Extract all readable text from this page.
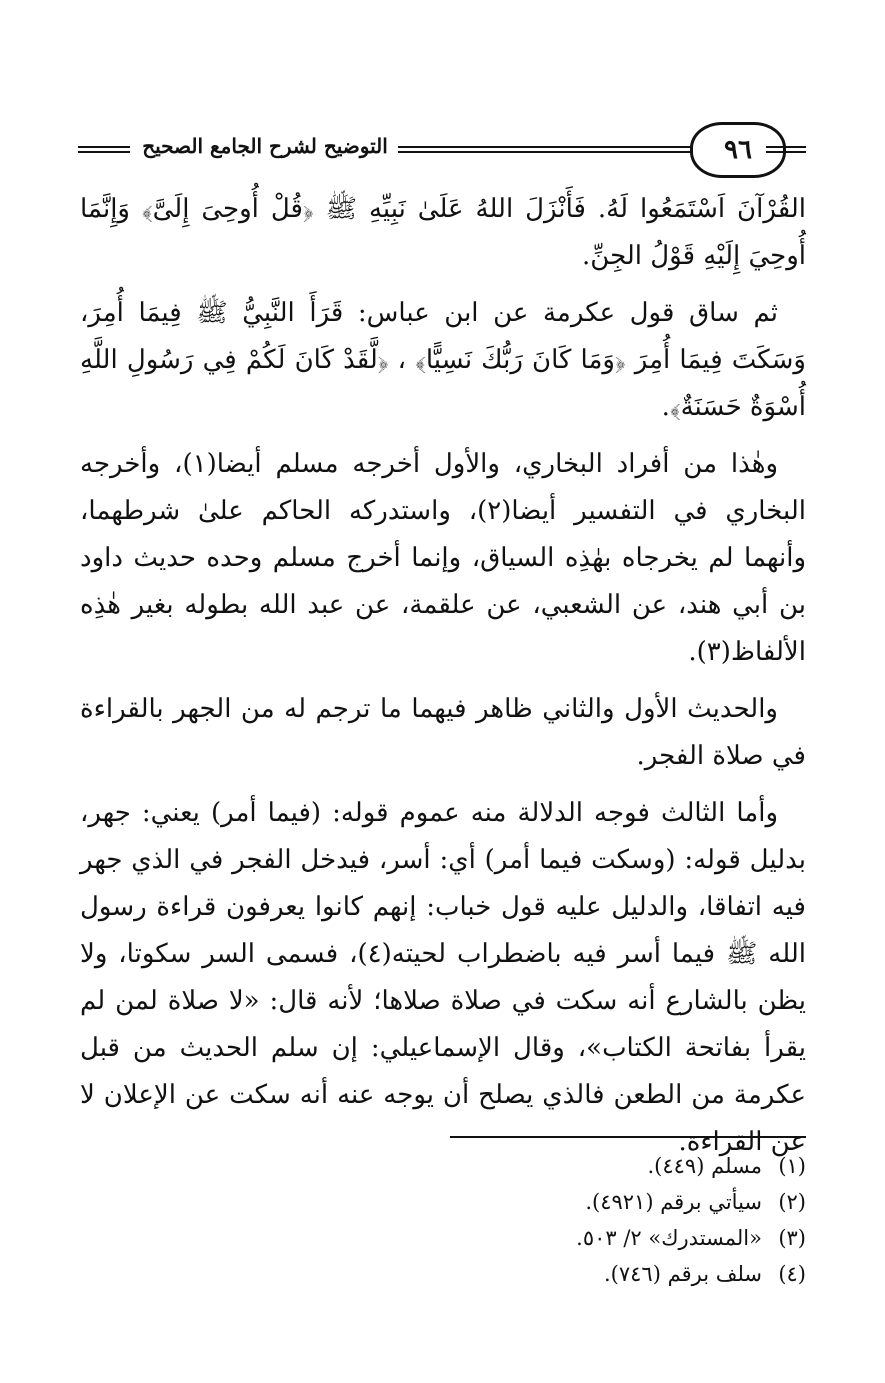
التوضيح لشرح الجامع الصحيح	٩٦

القُرْآنَ اَسْتَمَعُوا لَهُ. فَأَنْزَلَ اللهُ عَلَىٰ نَبِيِّهِ ﷺ ﴿قُلْ أُوحِىَ إِلَىَّ﴾ وَإِنَّمَا أُوحِيَ إِلَيْهِ قَوْلُ الجِنِّ.

ثم ساق قول عكرمة عن ابن عباس: قَرَأَ النَّبِيُّ ﷺ فِيمَا أُمِرَ، وَسَكَتَ فِيمَا أُمِرَ ﴿وَمَا كَانَ رَبُّكَ نَسِيًّا﴾ ، ﴿لَّقَدْ كَانَ لَكُمْ فِي رَسُولِ اللَّهِ أُسْوَةٌ حَسَنَةٌ﴾.

وهٰذا من أفراد البخاري، والأول أخرجه مسلم أيضا(١)، وأخرجه البخاري في التفسير أيضا(٢)، واستدركه الحاكم علىٰ شرطهما، وأنهما لم يخرجاه بهٰذِه السياق، وإنما أخرج مسلم وحده حديث داود بن أبي هند، عن الشعبي، عن علقمة، عن عبد الله بطوله بغير هٰذِه الألفاظ(٣).

والحديث الأول والثاني ظاهر فيهما ما ترجم له من الجهر بالقراءة في صلاة الفجر.

وأما الثالث فوجه الدلالة منه عموم قوله: (فيما أمر) يعني: جهر، بدليل قوله: (وسكت فيما أمر) أي: أسر، فيدخل الفجر في الذي جهر فيه اتفاقا، والدليل عليه قول خباب: إنهم كانوا يعرفون قراءة رسول الله ﷺ فيما أسر فيه باضطراب لحيته(٤)، فسمى السر سكوتا، ولا يظن بالشارع أنه سكت في صلاة صلاها؛ لأنه قال: «لا صلاة لمن لم يقرأ بفاتحة الكتاب»، وقال الإسماعيلي: إن سلم الحديث من قبل عكرمة من الطعن فالذي يصلح أن يوجه عنه أنه سكت عن الإعلان لا عن القراءة.

(١)مسلم (٤٤٩).
(٢)سيأتي برقم (٤٩٢١).
(٣)«المستدرك» ٢/ ٥٠٣.
(٤)سلف برقم (٧٤٦).
